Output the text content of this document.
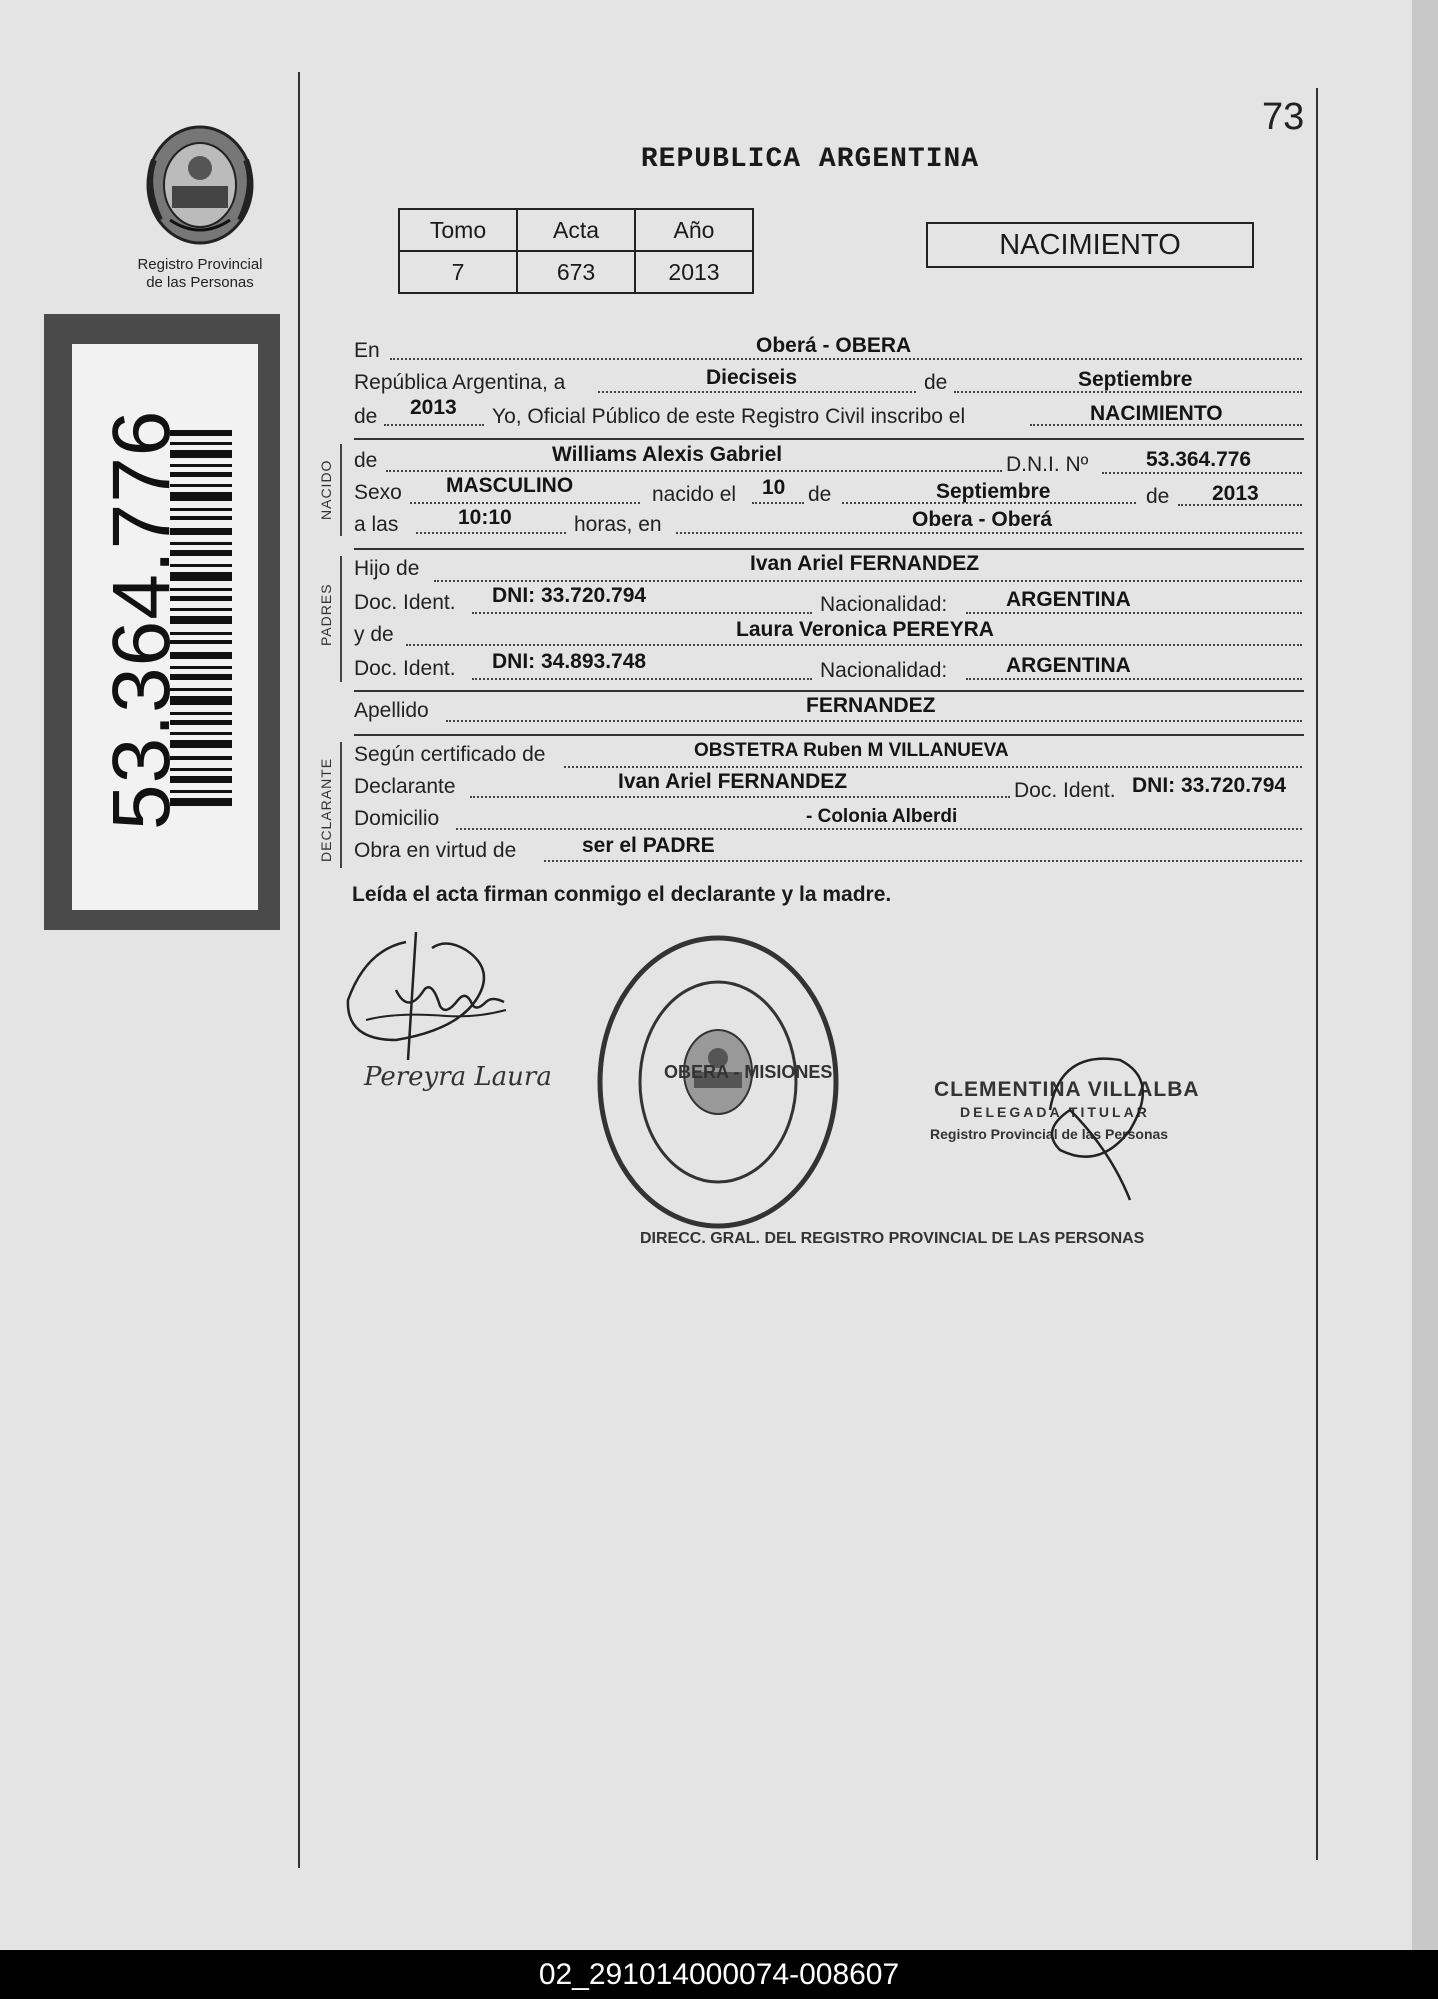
Registro Provincial
de las Personas
53.364.776
73
REPUBLICA ARGENTINA
Tomo	Acta	Año
7	673	2013
NACIMIENTO
En	Oberá - OBERA
República Argentina, a	Dieciseis	de	Septiembre
de 2013 Yo, Oficial Público de este Registro Civil inscribo el	NACIMIENTO
NACIDO de	Williams Alexis Gabriel	D.N.I. Nº	53.364.776
Sexo MASCULINO	nacido el 10 de	Septiembre	de 2013
a las	10:10	horas, en	Obera - Oberá
PADRES
Hijo de	Ivan Ariel FERNANDEZ
Doc. Ident. DNI: 33.720.794	Nacionalidad:	ARGENTINA
y de	Laura Veronica PEREYRA
Doc. Ident. DNI: 34.893.748	Nacionalidad:	ARGENTINA
Apellido	FERNANDEZ
DECLARANTE
Según certificado de	OBSTETRA Ruben M VILLANUEVA
Declarante	Ivan Ariel FERNANDEZ	Doc. Ident. DNI: 33.720.794
Domicilio	- Colonia Alberdi
Obra en virtud de	ser el PADRE
Leída el acta firman conmigo el declarante y la madre.
Pereyra Laura
DIRECC. GRAL. DEL REGISTRO PROVINCIAL DE LAS PERSONAS
OBERA - MISIONES
CLEMENTINA VILLALBA
DELEGADA TITULAR
Registro Provincial de las Personas
02_291014000074-008607
